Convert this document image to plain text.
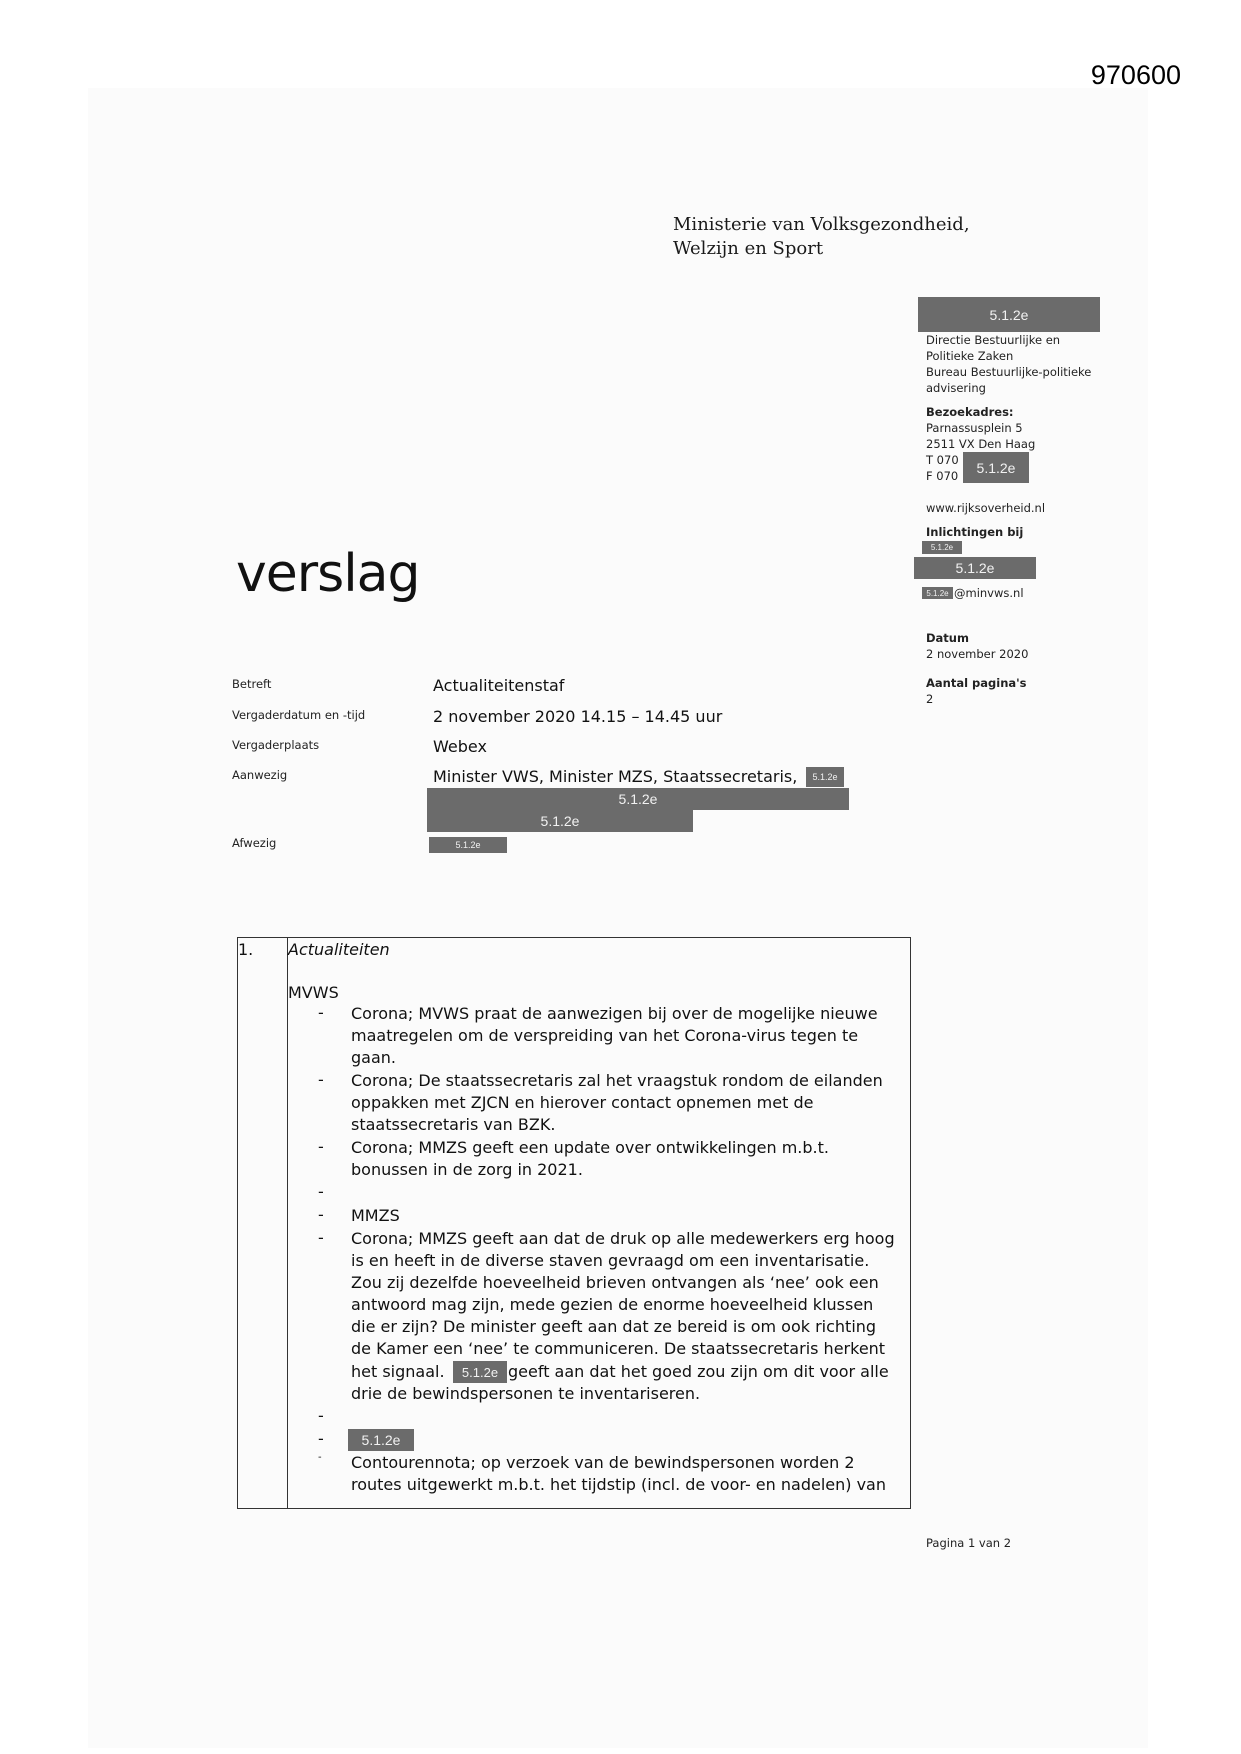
970600
Ministerie van Volksgezondheid,
Welzijn en Sport
5.1.2e
Directie Bestuurlijke en
Politieke Zaken
Bureau Bestuurlijke-politieke
advisering
Bezoekadres:
Parnassusplein 5
2511 VX Den Haag
T 070
F 070
5.1.2e
www.rijksoverheid.nl
Inlichtingen bij
5.1.2e
5.1.2e
5.1.2e @minvws.nl
Datum
2 november 2020
Aantal pagina's
2
verslag
Betreft	Actualiteitenstaf
Vergaderdatum en -tijd	2 november 2020 14.15 – 14.45 uur
Vergaderplaats	Webex
Aanwezig	Minister VWS, Minister MZS, Staatssecretaris,	5.1.2e
5.1.2e
5.1.2e
Afwezig	5.1.2e
1. Actualiteiten
MVWS
- Corona; MVWS praat de aanwezigen bij over de mogelijke nieuwe
maatregelen om de verspreiding van het Corona-virus tegen te
gaan.
- Corona; De staatssecretaris zal het vraagstuk rondom de eilanden
oppakken met ZJCN en hierover contact opnemen met de
staatssecretaris van BZK.
- Corona; MMZS geeft een update over ontwikkelingen m.b.t.
bonussen in de zorg in 2021.
-
- MMZS
- Corona; MMZS geeft aan dat de druk op alle medewerkers erg hoog
is en heeft in de diverse staven gevraagd om een inventarisatie.
Zou zij dezelfde hoeveelheid brieven ontvangen als ‘nee’ ook een
antwoord mag zijn, mede gezien de enorme hoeveelheid klussen
die er zijn? De minister geeft aan dat ze bereid is om ook richting
de Kamer een ‘nee’ te communiceren. De staatssecretaris herkent
het signaal.	5.1.2e geeft aan dat het goed zou zijn om dit voor alle
drie de bewindspersonen te inventariseren.
-
-	5.1.2e
- Contourennota; op verzoek van de bewindspersonen worden 2
routes uitgewerkt m.b.t. het tijdstip (incl. de voor- en nadelen) van
Pagina 1 van 2
